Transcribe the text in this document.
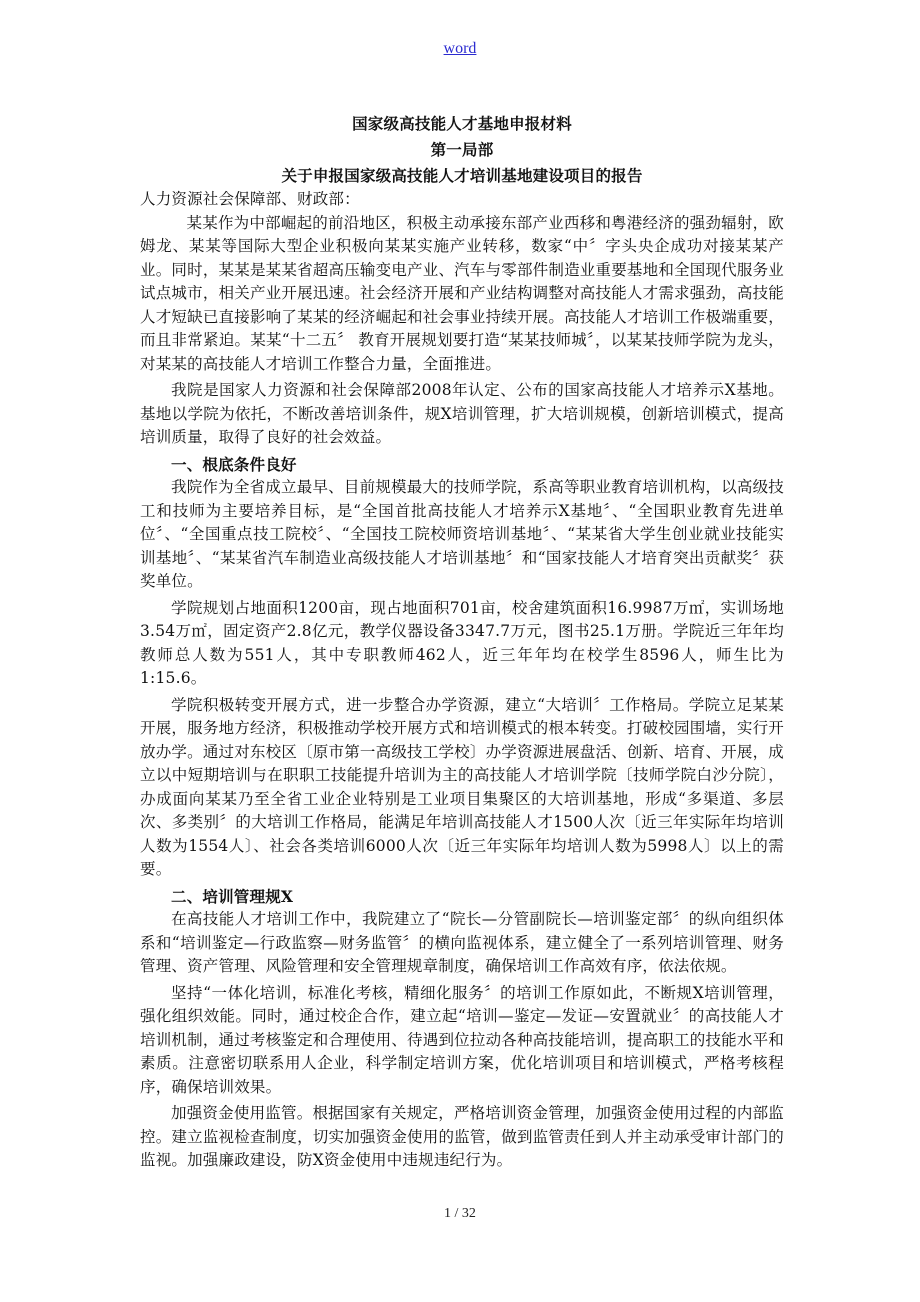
word
国家级高技能人才基地申报材料
第一局部
关于申报国家级高技能人才培训基地建设项目的报告

人力资源社会保障部、财政部：

某某作为中部崛起的前沿地区，积极主动承接东部产业西移和粤港经济的强劲辐射，欧姆龙、某某等国际大型企业积极向某某实施产业转移，数家“中〞字头央企成功对接某某产业。同时，某某是某某省超高压输变电产业、汽车与零部件制造业重要基地和全国现代服务业试点城市，相关产业开展迅速。社会经济开展和产业结构调整对高技能人才需求强劲，高技能人才短缺已直接影响了某某的经济崛起和社会事业持续开展。高技能人才培训工作极端重要，而且非常紧迫。某某“十二五〞 教育开展规划要打造“某某技师城〞，以某某技师学院为龙头，对某某的高技能人才培训工作整合力量，全面推进。

我院是国家人力资源和社会保障部2008年认定、公布的国家高技能人才培养示X基地。基地以学院为依托，不断改善培训条件，规X培训管理，扩大培训规模，创新培训模式，提高培训质量，取得了良好的社会效益。

一、根底条件良好

我院作为全省成立最早、目前规模最大的技师学院，系高等职业教育培训机构，以高级技工和技师为主要培养目标，是“全国首批高技能人才培养示X基地〞、“全国职业教育先进单位〞、“全国重点技工院校〞、“全国技工院校师资培训基地〞、“某某省大学生创业就业技能实训基地〞、“某某省汽车制造业高级技能人才培训基地〞和“国家技能人才培育突出贡献奖〞获奖单位。

学院规划占地面积1200亩，现占地面积701亩，校舍建筑面积16.9987万㎡，实训场地3.54万㎡，固定资产2.8亿元，教学仪器设备3347.7万元，图书25.1万册。学院近三年年均教师总人数为551人，其中专职教师462人，近三年年均在校学生8596人，师生比为1:15.6。

学院积极转变开展方式，进一步整合办学资源，建立“大培训〞工作格局。学院立足某某开展，服务地方经济，积极推动学校开展方式和培训模式的根本转变。打破校园围墙，实行开放办学。通过对东校区〔原市第一高级技工学校〕办学资源进展盘活、创新、培育、开展，成立以中短期培训与在职职工技能提升培训为主的高技能人才培训学院〔技师学院白沙分院〕，办成面向某某乃至全省工业企业特别是工业项目集聚区的大培训基地，形成“多渠道、多层次、多类别〞的大培训工作格局，能满足年培训高技能人才1500人次〔近三年实际年均培训人数为1554人〕、社会各类培训6000人次〔近三年实际年均培训人数为5998人〕以上的需要。

二、培训管理规X

在高技能人才培训工作中，我院建立了“院长—分管副院长—培训鉴定部〞的纵向组织体系和“培训鉴定—行政监察—财务监管〞的横向监视体系，建立健全了一系列培训管理、财务管理、资产管理、风险管理和安全管理规章制度，确保培训工作高效有序，依法依规。

坚持“一体化培训，标准化考核，精细化服务〞的培训工作原如此，不断规X培训管理，强化组织效能。同时，通过校企合作，建立起“培训—鉴定—发证—安置就业〞的高技能人才培训机制，通过考核鉴定和合理使用、待遇到位拉动各种高技能培训，提高职工的技能水平和素质。注意密切联系用人企业，科学制定培训方案，优化培训项目和培训模式，严格考核程序，确保培训效果。

加强资金使用监管。根据国家有关规定，严格培训资金管理，加强资金使用过程的内部监控。建立监视检查制度，切实加强资金使用的监管，做到监管责任到人并主动承受审计部门的监视。加强廉政建设，防X资金使用中违规违纪行为。

1 / 32
